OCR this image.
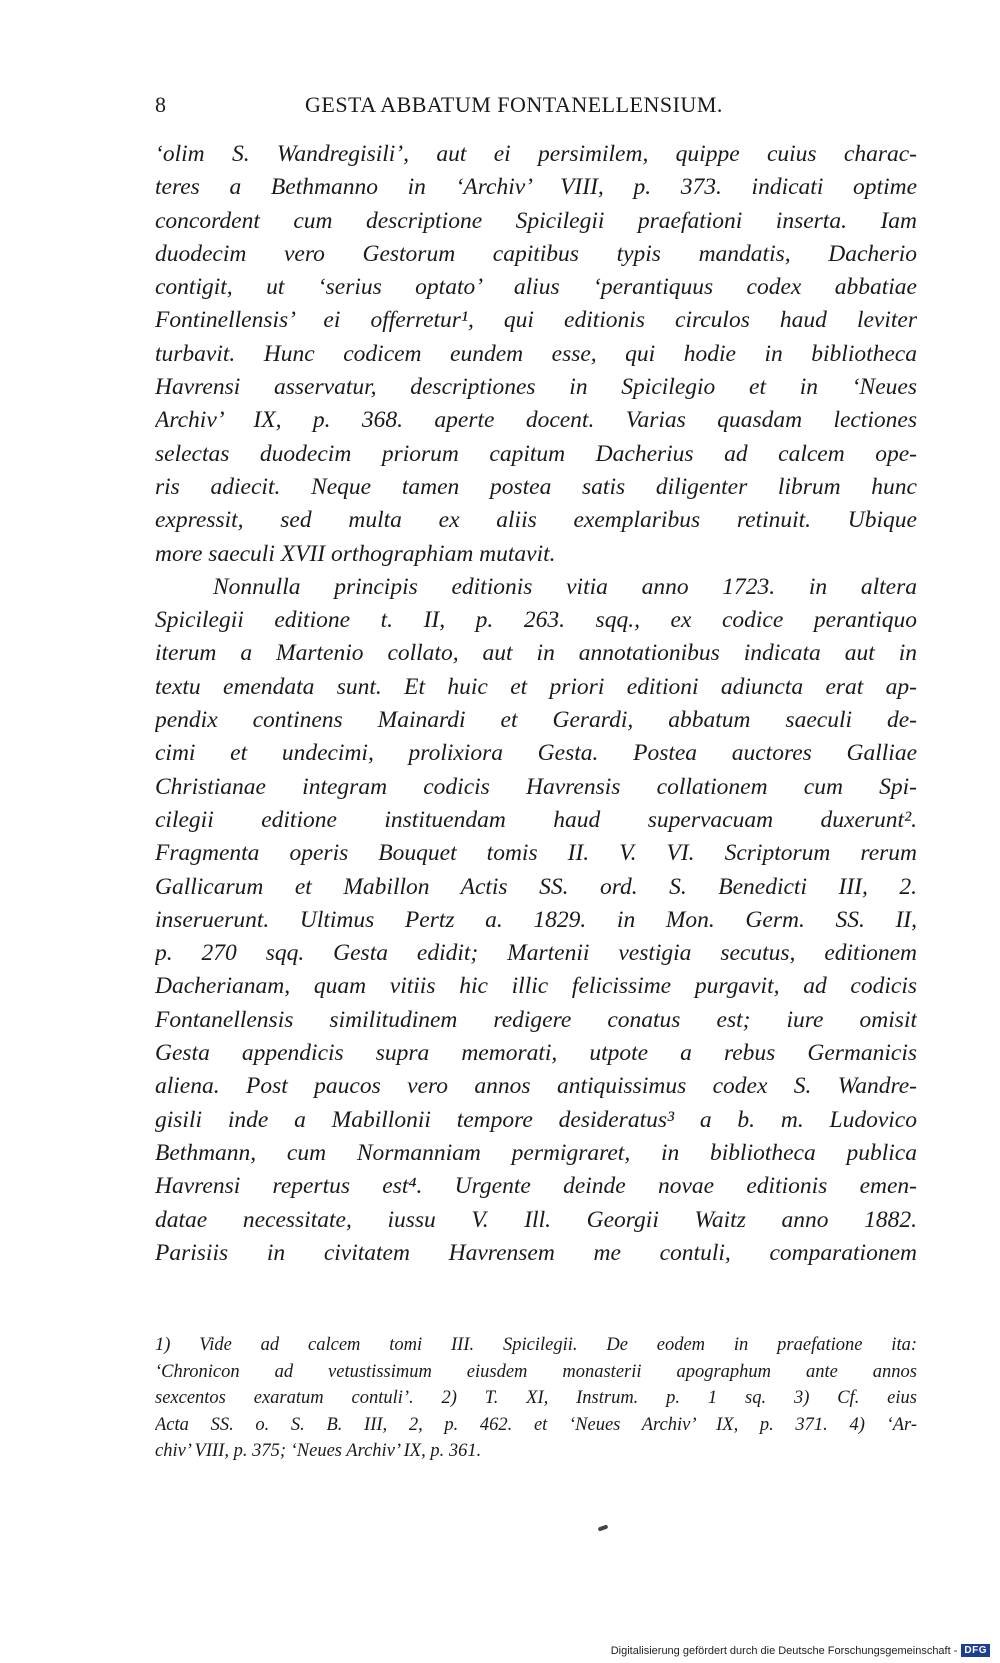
8	GESTA ABBATUM FONTANELLENSIUM.
‘olim S. Wandregisili’, aut ei persimilem, quippe cuius charac-
teres a Bethmanno in ‘Archiv’ VIII, p. 373. indicati optime
concordent cum descriptione Spicilegii praefationi inserta. Iam
duodecim vero Gestorum capitibus typis mandatis, Dacherio
contigit, ut ‘serius optato’ alius ‘perantiquus codex abbatiae
Fontinellensis’ ei offerretur¹, qui editionis circulos haud leviter
turbavit. Hunc codicem eundem esse, qui hodie in bibliotheca
Havrensi asservatur, descriptiones in Spicilegio et in ‘Neues
Archiv’ IX, p. 368. aperte docent. Varias quasdam lectiones
selectas duodecim priorum capitum Dacherius ad calcem ope-
ris adiecit. Neque tamen postea satis diligenter librum hunc
expressit, sed multa ex aliis exemplaribus retinuit. Ubique
more saeculi XVII orthographiam mutavit.
Nonnulla principis editionis vitia anno 1723. in altera
Spicilegii editione t. II, p. 263. sqq., ex codice perantiquo
iterum a Martenio collato, aut in annotationibus indicata aut in
textu emendata sunt. Et huic et priori editioni adiuncta erat ap-
pendix continens Mainardi et Gerardi, abbatum saeculi de-
cimi et undecimi, prolixiora Gesta. Postea auctores Galliae
Christianae integram codicis Havrensis collationem cum Spi-
cilegii editione instituendam haud supervacuam duxerunt².
Fragmenta operis Bouquet tomis II. V. VI. Scriptorum rerum
Gallicarum et Mabillon Actis SS. ord. S. Benedicti III, 2.
inseruerunt. Ultimus Pertz a. 1829. in Mon. Germ. SS. II,
p. 270 sqq. Gesta edidit; Martenii vestigia secutus, editionem
Dacherianam, quam vitiis hic illic felicissime purgavit, ad codicis
Fontanellensis similitudinem redigere conatus est; iure omisit
Gesta appendicis supra memorati, utpote a rebus Germanicis
aliena. Post paucos vero annos antiquissimus codex S. Wandre-
gisili inde a Mabillonii tempore desideratus³ a b. m. Ludovico
Bethmann, cum Normanniam permigraret, in bibliotheca publica
Havrensi repertus est⁴. Urgente deinde novae editionis emen-
datae necessitate, iussu V. Ill. Georgii Waitz anno 1882.
Parisiis in civitatem Havrensem me contuli, comparationem
1) Vide ad calcem tomi III. Spicilegii. De eodem in praefatione ita:
‘Chronicon ad vetustissimum eiusdem monasterii apographum ante annos
sexcentos exaratum contuli’. 2) T. XI, Instrum. p. 1 sq. 3) Cf. eius
Acta SS. o. S. B. III, 2, p. 462. et ‘Neues Archiv’ IX, p. 371. 4) ‘Ar-
chiv’ VIII, p. 375; ‘Neues Archiv’ IX, p. 361.
Digitalisierung gefördert durch die Deutsche Forschungsgemeinschaft - DFG
